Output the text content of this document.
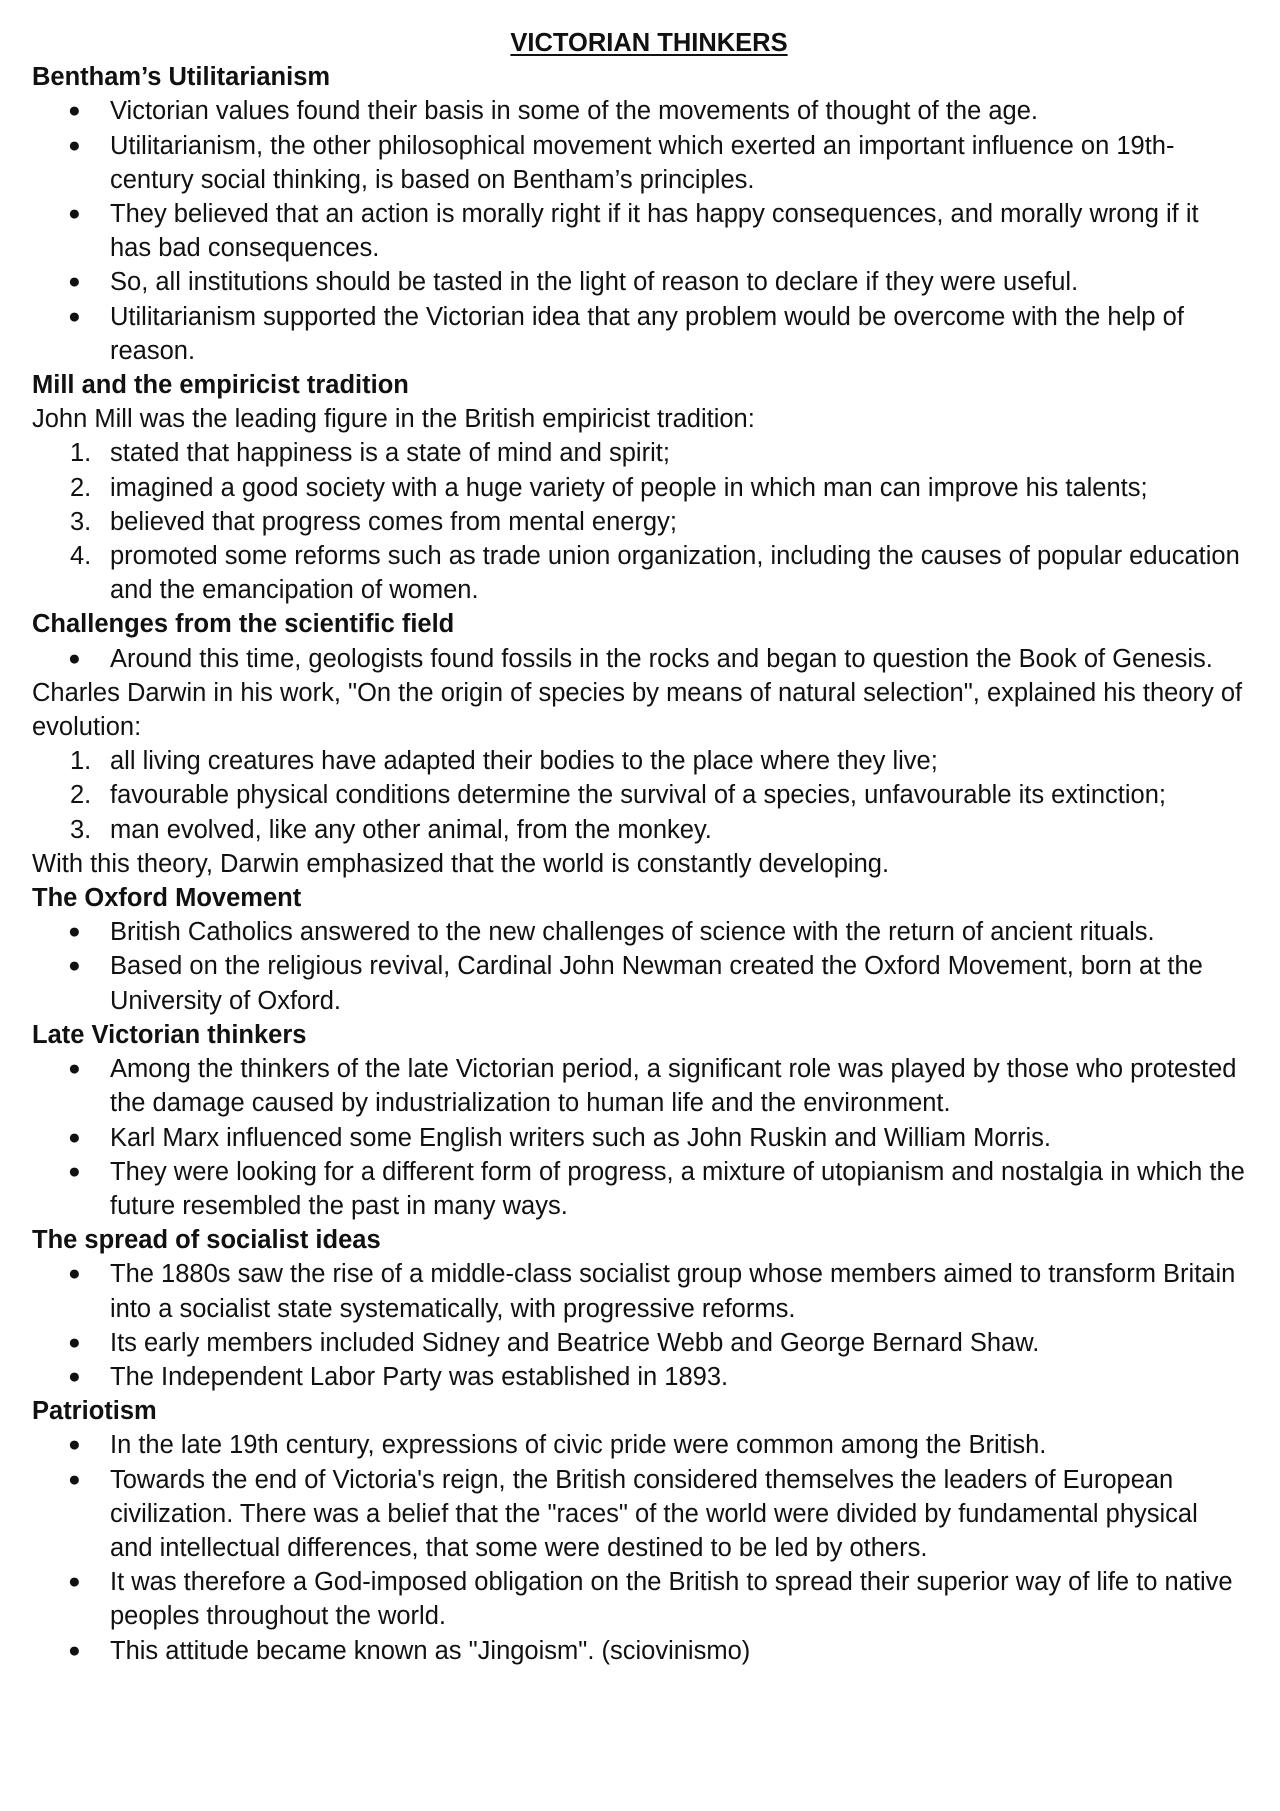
VICTORIAN THINKERS

Bentham’s Utilitarianism

● Victorian values found their basis in some of the movements of thought of the age.
● Utilitarianism, the other philosophical movement which exerted an important influence on 19th-century social thinking, is based on Bentham’s principles.
● They believed that an action is morally right if it has happy consequences, and morally wrong if it has bad consequences.
● So, all institutions should be tasted in the light of reason to declare if they were useful.
● Utilitarianism supported the Victorian idea that any problem would be overcome with the help of reason.

Mill and the empiricist tradition

John Mill was the leading figure in the British empiricist tradition:

1. stated that happiness is a state of mind and spirit;
2. imagined a good society with a huge variety of people in which man can improve his talents;
3. believed that progress comes from mental energy;
4. promoted some reforms such as trade union organization, including the causes of popular education and the emancipation of women.

Challenges from the scientific field

● Around this time, geologists found fossils in the rocks and began to question the Book of Genesis.

Charles Darwin in his work, "On the origin of species by means of natural selection", explained his theory of evolution:

1. all living creatures have adapted their bodies to the place where they live;
2. favourable physical conditions determine the survival of a species, unfavourable its extinction;
3. man evolved, like any other animal, from the monkey.

With this theory, Darwin emphasized that the world is constantly developing.

The Oxford Movement

● British Catholics answered to the new challenges of science with the return of ancient rituals.
● Based on the religious revival, Cardinal John Newman created the Oxford Movement, born at the University of Oxford.

Late Victorian thinkers

● Among the thinkers of the late Victorian period, a significant role was played by those who protested the damage caused by industrialization to human life and the environment.
● Karl Marx influenced some English writers such as John Ruskin and William Morris.
● They were looking for a different form of progress, a mixture of utopianism and nostalgia in which the future resembled the past in many ways.

The spread of socialist ideas

● The 1880s saw the rise of a middle-class socialist group whose members aimed to transform Britain into a socialist state systematically, with progressive reforms.
● Its early members included Sidney and Beatrice Webb and George Bernard Shaw.
● The Independent Labor Party was established in 1893.

Patriotism

● In the late 19th century, expressions of civic pride were common among the British.
● Towards the end of Victoria's reign, the British considered themselves the leaders of European civilization. There was a belief that the "races" of the world were divided by fundamental physical and intellectual differences, that some were destined to be led by others.
● It was therefore a God-imposed obligation on the British to spread their superior way of life to native peoples throughout the world.
● This attitude became known as "Jingoism". (sciovinismo)
